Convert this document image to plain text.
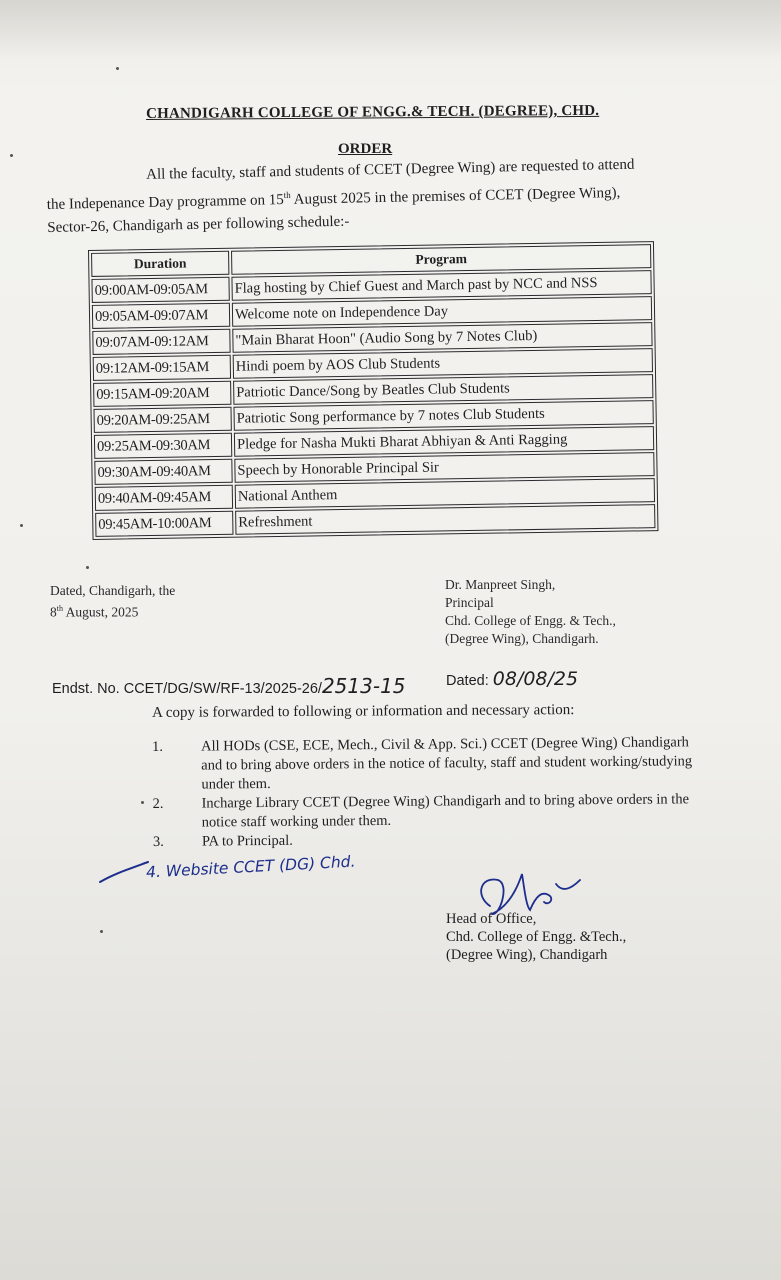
CHANDIGARH COLLEGE OF ENGG.& TECH. (DEGREE), CHD.
ORDER
All the faculty, staff and students of CCET (Degree Wing) are requested to attend
the Indepenance Day programme on 15th August 2025 in the premises of CCET (Degree Wing),
Sector-26, Chandigarh as per following schedule:-
Duration	Program
09:00AM-09:05AM	Flag hosting by Chief Guest and March past by NCC and NSS
09:05AM-09:07AM	Welcome note on Independence Day
09:07AM-09:12AM	"Main Bharat Hoon" (Audio Song by 7 Notes Club)
09:12AM-09:15AM	Hindi poem by AOS Club Students
09:15AM-09:20AM	Patriotic Dance/Song by Beatles Club Students
09:20AM-09:25AM	Patriotic Song performance by 7 notes Club Students
09:25AM-09:30AM	Pledge for Nasha Mukti Bharat Abhiyan & Anti Ragging
09:30AM-09:40AM	Speech by Honorable Principal Sir
09:40AM-09:45AM	National Anthem
09:45AM-10:00AM	Refreshment
Dated, Chandigarh, the
8th August, 2025
Dr. Manpreet Singh,
Principal
Chd. College of Engg. & Tech.,
(Degree Wing), Chandigarh.
Endst. No. CCET/DG/SW/RF-13/2025-26/2513-15	Dated: 08/08/25
A copy is forwarded to following or information and necessary action:
1.	All HODs (CSE, ECE, Mech., Civil & App. Sci.) CCET (Degree Wing) Chandigarh and to bring above orders in the notice of faculty, staff and student working/studying under them.
2.	Incharge Library CCET (Degree Wing) Chandigarh and to bring above orders in the notice staff working under them.
3.	PA to Principal.
4. Website CCET (DG) Chd.
Head of Office,
Chd. College of Engg. &Tech.,
(Degree Wing), Chandigarh
